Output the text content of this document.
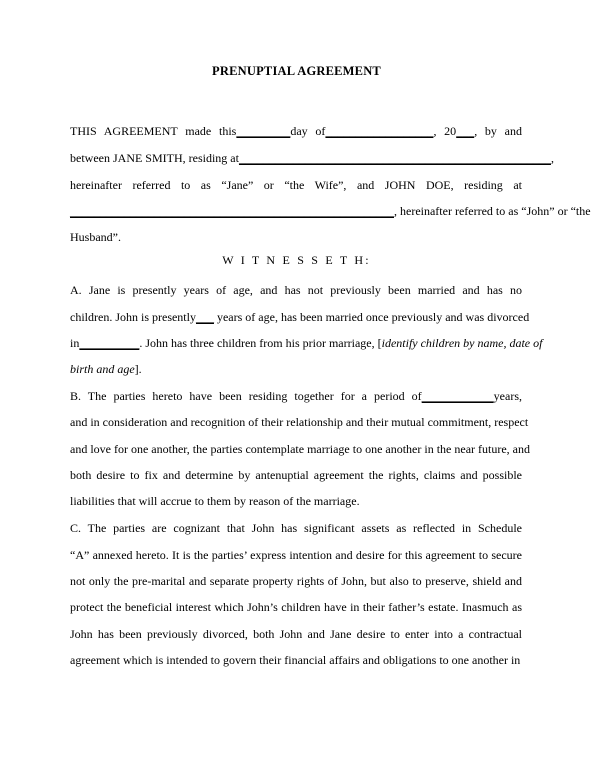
PRENUPTIAL AGREEMENT
W I T N E S S E T H:
THIS AGREEMENT made this_________day of__________________, 20___, by and
between JANE SMITH, residing at____________________________________________________,
hereinafter referred to as “Jane” or “the Wife”, and JOHN DOE, residing at
______________________________________________________, hereinafter referred to as “John” or “the
Husband”.
A. Jane is presently years of age, and has not previously been married and has no
children. John is presently___ years of age, has been married once previously and was divorced
in__________. John has three children from his prior marriage, [identify children by name, date of
birth and age].
B. The parties hereto have been residing together for a period of____________years,
and in consideration and recognition of their relationship and their mutual commitment, respect
and love for one another, the parties contemplate marriage to one another in the near future, and
both desire to fix and determine by antenuptial agreement the rights, claims and possible
liabilities that will accrue to them by reason of the marriage.
C. The parties are cognizant that John has significant assets as reflected in Schedule
“A” annexed hereto. It is the parties’ express intention and desire for this agreement to secure
not only the pre-marital and separate property rights of John, but also to preserve, shield and
protect the beneficial interest which John’s children have in their father’s estate. Inasmuch as
John has been previously divorced, both John and Jane desire to enter into a contractual
agreement which is intended to govern their financial affairs and obligations to one another in
